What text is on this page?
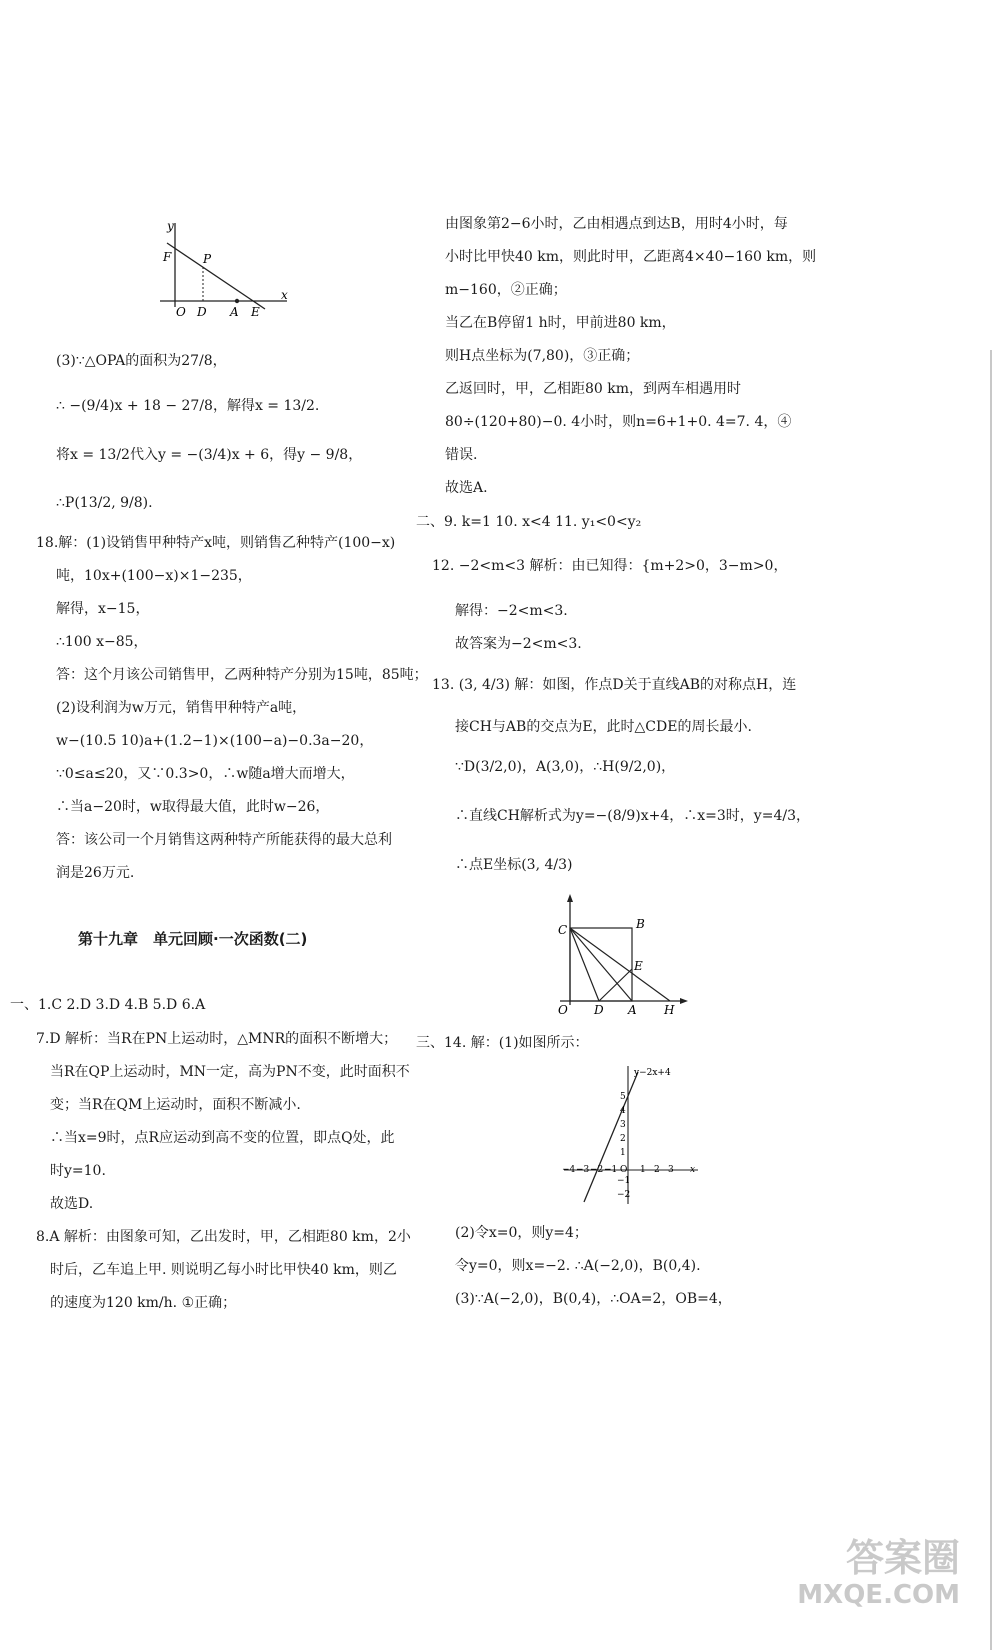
y
x
F	P
O D A E
(3)∵△OPA的面积为27/8，
∴ −(9/4)x + 18 − 27/8，解得x = 13/2.
将x = 13/2代入y = −(3/4)x + 6，得y − 9/8，
∴P(13/2, 9/8).
18.解：(1)设销售甲种特产x吨，则销售乙种特产(100−x)
吨，10x+(100−x)×1−235，
解得，x−15，
∴100 x−85，
答：这个月该公司销售甲，乙两种特产分别为15吨，85吨；
(2)设利润为w万元，销售甲种特产a吨，
w−(10.5 10)a+(1.2−1)×(100−a)−0.3a−20，
∵0≤a≤20，又∵0.3>0，∴w随a增大而增大，
∴当a−20时，w取得最大值，此时w−26，
答：该公司一个月销售这两种特产所能获得的最大总利
润是26万元.
第十九章　单元回顾·一次函数(二)
一、1.C 2.D 3.D 4.B 5.D 6.A
7.D 解析：当R在PN上运动时，△MNR的面积不断增大；
当R在QP上运动时，MN一定，高为PN不变，此时面积不
变；当R在QM上运动时，面积不断减小.
∴当x=9时，点R应运动到高不变的位置，即点Q处，此
时y=10.
故选D.
8.A 解析：由图象可知，乙出发时，甲，乙相距80 km，2小
时后，乙车追上甲. 则说明乙每小时比甲快40 km，则乙
的速度为120 km/h. ①正确；
由图象第2−6小时，乙由相遇点到达B，用时4小时，每
小时比甲快40 km，则此时甲，乙距离4×40−160 km，则
m−160，②正确；
当乙在B停留1 h时，甲前进80 km，
则H点坐标为(7,80)，③正确；
乙返回时，甲，乙相距80 km，到两车相遇用时
80÷(120+80)−0. 4小时，则n=6+1+0. 4=7. 4，④
错误.
故选A.
二、9. k=1 10. x<4 11. y₁<0<y₂
12. −2<m<3 解析：由已知得：{m+2>0，3−m>0，
解得：−2<m<3.
故答案为−2<m<3.
13. (3, 4/3) 解：如图，作点D关于直线AB的对称点H，连
接CH与AB的交点为E，此时△CDE的周长最小.
∵D(3/2,0)，A(3,0)，∴H(9/2,0)，
∴直线CH解析式为y=−(8/9)x+4，∴x=3时，y=4/3，
∴点E坐标(3, 4/3)
C	B
E
O D A H
三、14. 解：(1)如图所示：
y−2x+4
5
4
3
2
1
−1
−2
−4 −3 −2 −1 O 1 2 3 x
(2)令x=0，则y=4；
令y=0，则x=−2. ∴A(−2,0)，B(0,4).
(3)∵A(−2,0)，B(0,4)，∴OA=2，OB=4，
答案圈
MXQE.COM
